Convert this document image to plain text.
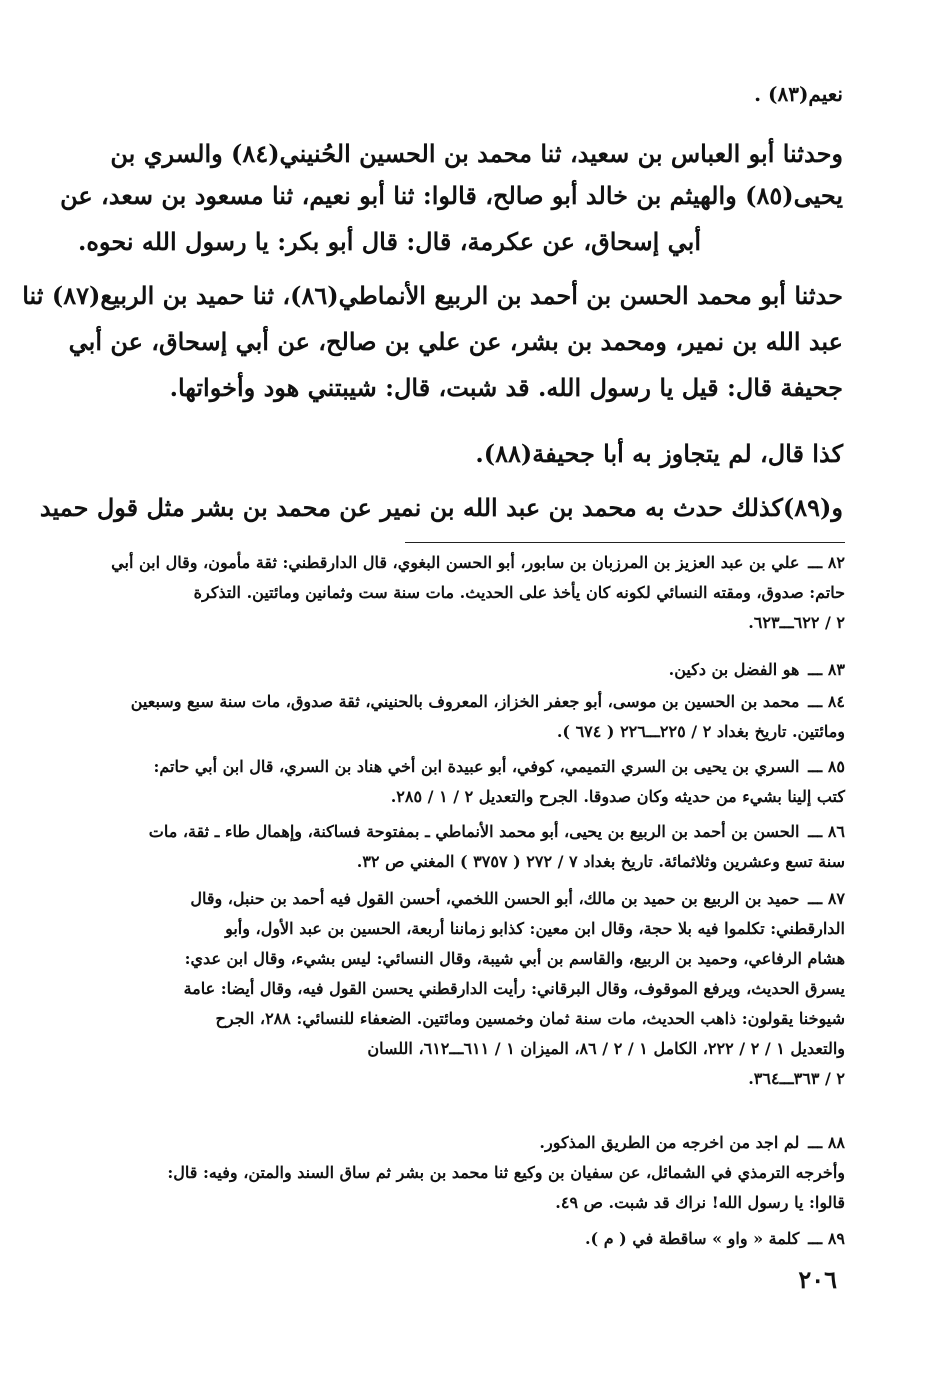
نعيم(٨٣) .
وحدثنا أبو العباس بن سعيد، ثنا محمد بن الحسين الحُنيني(٨٤) والسري بن
يحيى(٨٥) والهيثم بن خالد أبو صالح، قالوا: ثنا أبو نعيم، ثنا مسعود بن سعد، عن
أبي إسحاق، عن عكرمة، قال: قال أبو بكر: يا رسول الله نحوه.
حدثنا أبو محمد الحسن بن أحمد بن الربيع الأنماطي(٨٦)، ثنا حميد بن الربيع(٨٧) ثنا
عبد الله بن نمير، ومحمد بن بشر، عن علي بن صالح، عن أبي إسحاق، عن أبي
جحيفة قال: قيل يا رسول الله. قد شبت، قال: شيبتني هود وأخواتها.
كذا قال، لم يتجاوز به أبا جحيفة(٨٨).
و(٨٩)كذلك حدث به محمد بن عبد الله بن نمير عن محمد بن بشر مثل قول حميد
٨٢ ـــ علي بن عبد العزيز بن المرزبان بن سابور، أبو الحسن البغوي، قال الدارقطني: ثقة مأمون، وقال ابن أبي
حاتم: صدوق، ومقته النسائي لكونه كان يأخذ على الحديث. مات سنة ست وثمانين ومائتين. التذكرة
٢ / ٦٢٢ـــ٦٢٣.
٨٣ ـــ هو الفضل بن دكين.
٨٤ ـــ محمد بن الحسين بن موسى، أبو جعفر الخزاز، المعروف بالحنيني، ثقة صدوق، مات سنة سبع وسبعين
ومائتين. تاريخ بغداد ٢ / ٢٢٥ـــ٢٢٦ ( ٦٧٤ ).
٨٥ ـــ السري بن يحيى بن السري التميمي، كوفي، أبو عبيدة ابن أخي هناد بن السري، قال ابن أبي حاتم:
كتب إلينا بشيء من حديثه وكان صدوقا. الجرح والتعديل ٢ / ١ / ٢٨٥.
٨٦ ـــ الحسن بن أحمد بن الربيع بن يحيى، أبو محمد الأنماطي ـ بمفتوحة فساكنة، وإهمال طاء ـ ثقة، مات
سنة تسع وعشرين وثلاثمائة. تاريخ بغداد ٧ / ٢٧٢ ( ٣٧٥٧ ) المغني ص ٣٢.
٨٧ ـــ حميد بن الربيع بن حميد بن مالك، أبو الحسن اللخمي، أحسن القول فيه أحمد بن حنبل، وقال
الدارقطني: تكلموا فيه بلا حجة، وقال ابن معين: كذابو زماننا أربعة، الحسين بن عبد الأول، وأبو
هشام الرفاعي، وحميد بن الربيع، والقاسم بن أبي شيبة، وقال النسائي: ليس بشيء، وقال ابن عدي:
يسرق الحديث، ويرفع الموقوف، وقال البرقاني: رأيت الدارقطني يحسن القول فيه، وقال أيضا: عامة
شيوخنا يقولون: ذاهب الحديث، مات سنة ثمان وخمسين ومائتين. الضعفاء للنسائي: ٢٨٨، الجرح
والتعديل ١ / ٢ / ٢٢٢، الكامل ١ / ٢ / ٨٦، الميزان ١ / ٦١١ـــ٦١٢، اللسان
٢ / ٣٦٣ـــ٣٦٤.
٨٨ ـــ لم اجد من اخرجه من الطريق المذكور.
وأخرجه الترمذي في الشمائل، عن سفيان بن وكيع ثنا محمد بن بشر ثم ساق السند والمتن، وفيه: قال:
قالوا: يا رسول الله! نراك قد شبت. ص ٤٩.
٨٩ ـــ كلمة « واو » ساقطة في ( م ).
٢٠٦
